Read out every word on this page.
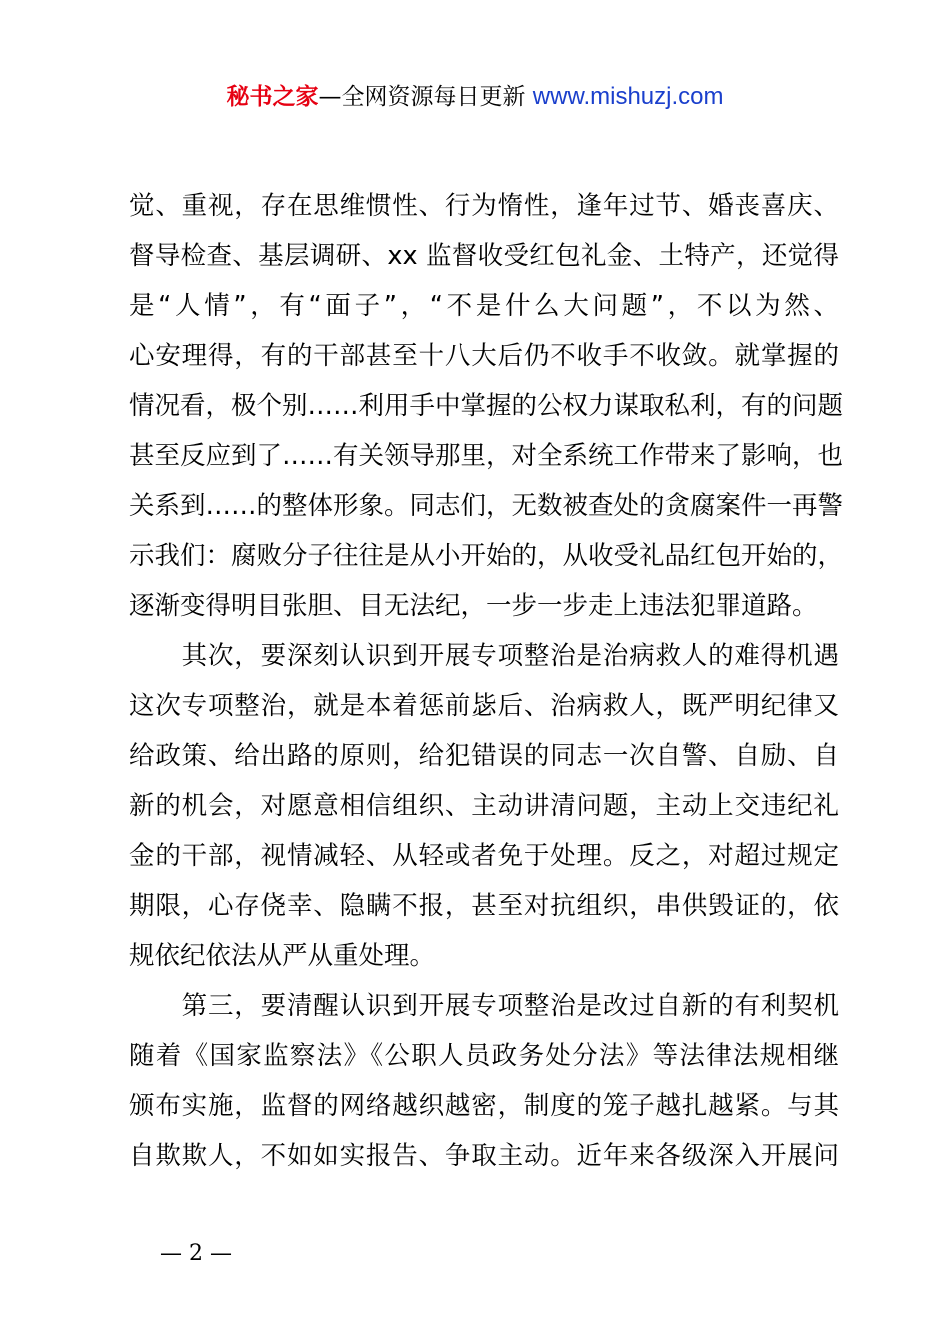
秘书之家—全网资源每日更新 www.mishuzj.com
觉、重视，存在思维惯性、行为惰性，逢年过节、婚丧喜庆、
督导检查、基层调研、xx 监督收受红包礼金、土特产，还觉得
是“人情”，有“面子”，“不是什么大问题”，不以为然、
心安理得，有的干部甚至十八大后仍不收手不收敛。就掌握的
情况看，极个别……利用手中掌握的公权力谋取私利，有的问题
甚至反应到了……有关领导那里，对全系统工作带来了影响，也
关系到……的整体形象。同志们，无数被查处的贪腐案件一再警
示我们：腐败分子往往是从小开始的，从收受礼品红包开始的，
逐渐变得明目张胆、目无法纪，一步一步走上违法犯罪道路。
　　其次，要深刻认识到开展专项整治是治病救人的难得机遇
这次专项整治，就是本着惩前毖后、治病救人，既严明纪律又
给政策、给出路的原则，给犯错误的同志一次自警、自励、自
新的机会，对愿意相信组织、主动讲清问题，主动上交违纪礼
金的干部，视情减轻、从轻或者免于处理。反之，对超过规定
期限，心存侥幸、隐瞒不报，甚至对抗组织，串供毁证的，依
规依纪依法从严从重处理。
　　第三，要清醒认识到开展专项整治是改过自新的有利契机
随着《国家监察法》《公职人员政务处分法》等法律法规相继
颁布实施，监督的网络越织越密，制度的笼子越扎越紧。与其
自欺欺人，不如如实报告、争取主动。近年来各级深入开展问
— 2 —
